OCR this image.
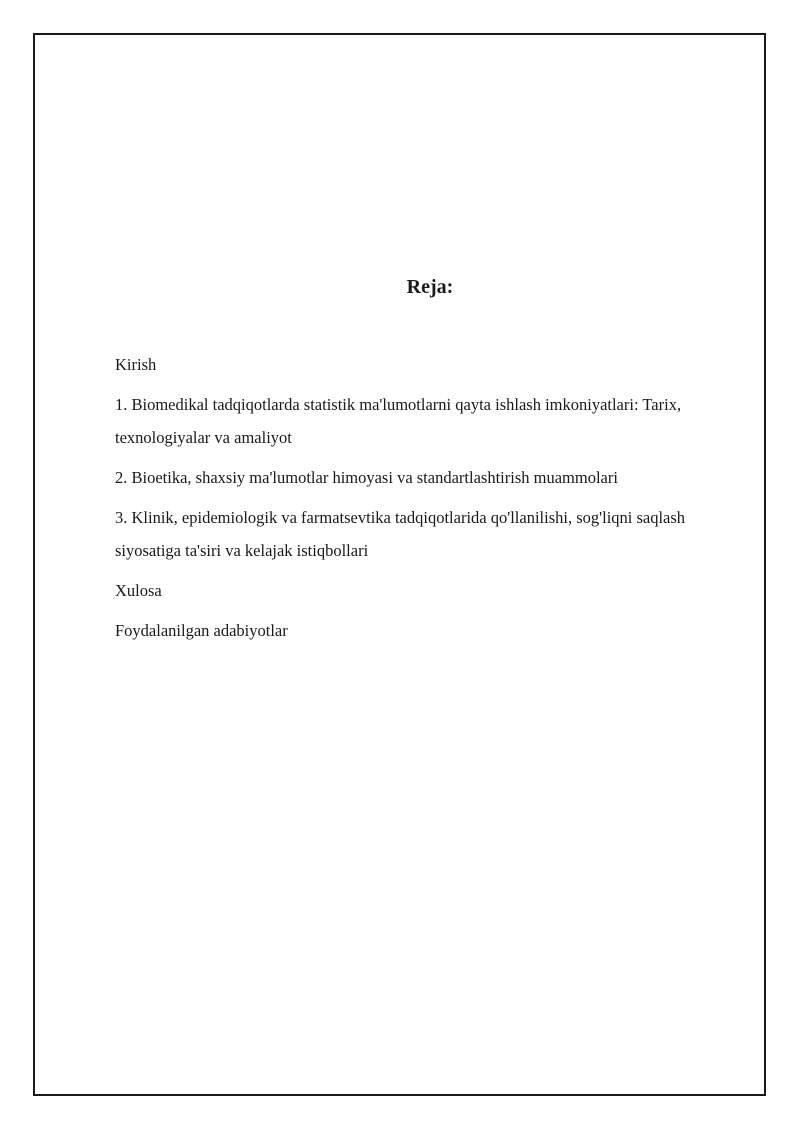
Reja:
Kirish
1. Biomedikal tadqiqotlarda statistik ma'lumotlarni qayta ishlash imkoniyatlari: Tarix, texnologiyalar va amaliyot
2. Bioetika, shaxsiy ma'lumotlar himoyasi va standartlashtirish muammolari
3. Klinik, epidemiologik va farmatsevtika tadqiqotlarida qo'llanilishi, sog'liqni saqlash siyosatiga ta'siri va kelajak istiqbollari
Xulosa
Foydalanilgan adabiyotlar
